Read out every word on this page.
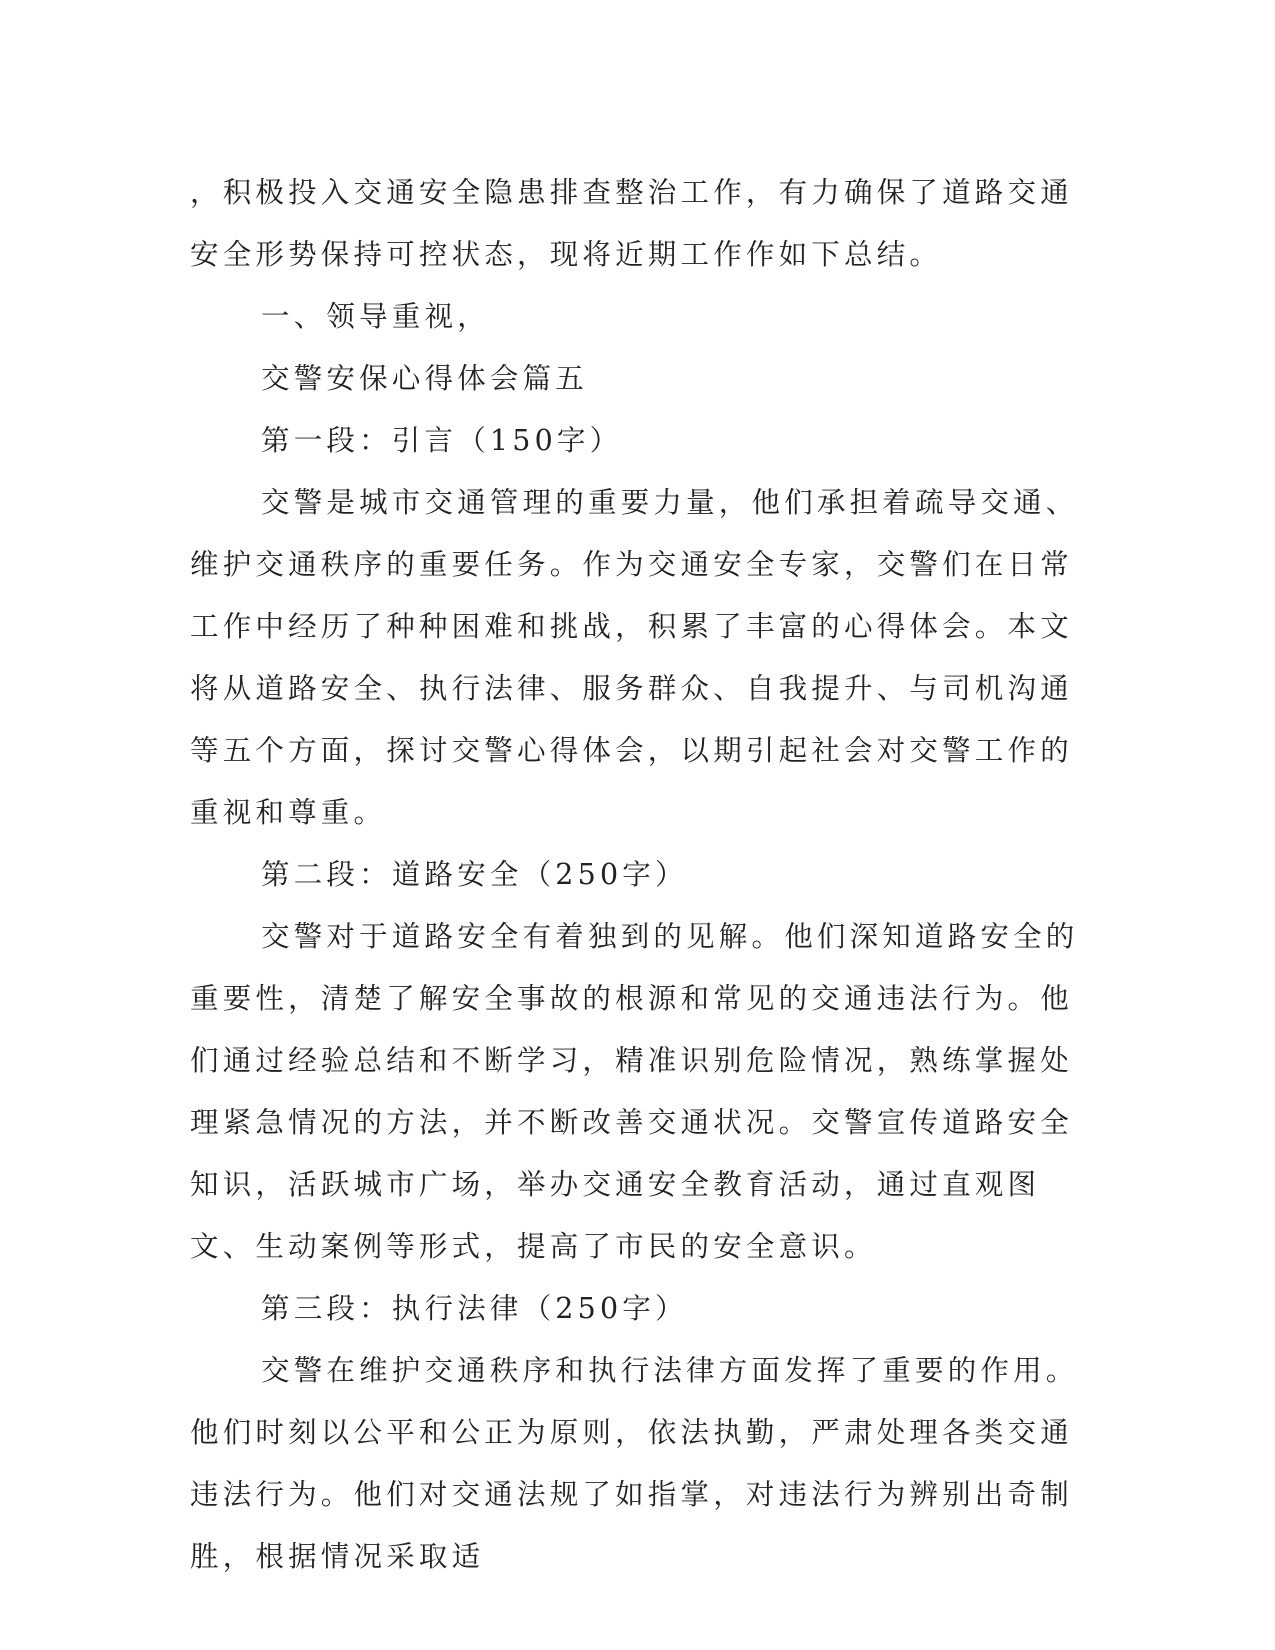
，积极投入交通安全隐患排查整治工作，有力确保了道路交通安全形势保持可控状态，现将近期工作作如下总结。

一、领导重视，

交警安保心得体会篇五

第一段：引言（150字）

交警是城市交通管理的重要力量，他们承担着疏导交通、维护交通秩序的重要任务。作为交通安全专家，交警们在日常工作中经历了种种困难和挑战，积累了丰富的心得体会。本文将从道路安全、执行法律、服务群众、自我提升、与司机沟通等五个方面，探讨交警心得体会，以期引起社会对交警工作的重视和尊重。

第二段：道路安全（250字）

交警对于道路安全有着独到的见解。他们深知道路安全的重要性，清楚了解安全事故的根源和常见的交通违法行为。他们通过经验总结和不断学习，精准识别危险情况，熟练掌握处理紧急情况的方法，并不断改善交通状况。交警宣传道路安全知识，活跃城市广场，举办交通安全教育活动，通过直观图文、生动案例等形式，提高了市民的安全意识。

第三段：执行法律（250字）

交警在维护交通秩序和执行法律方面发挥了重要的作用。他们时刻以公平和公正为原则，依法执勤，严肃处理各类交通违法行为。他们对交通法规了如指掌，对违法行为辨别出奇制胜，根据情况采取适
